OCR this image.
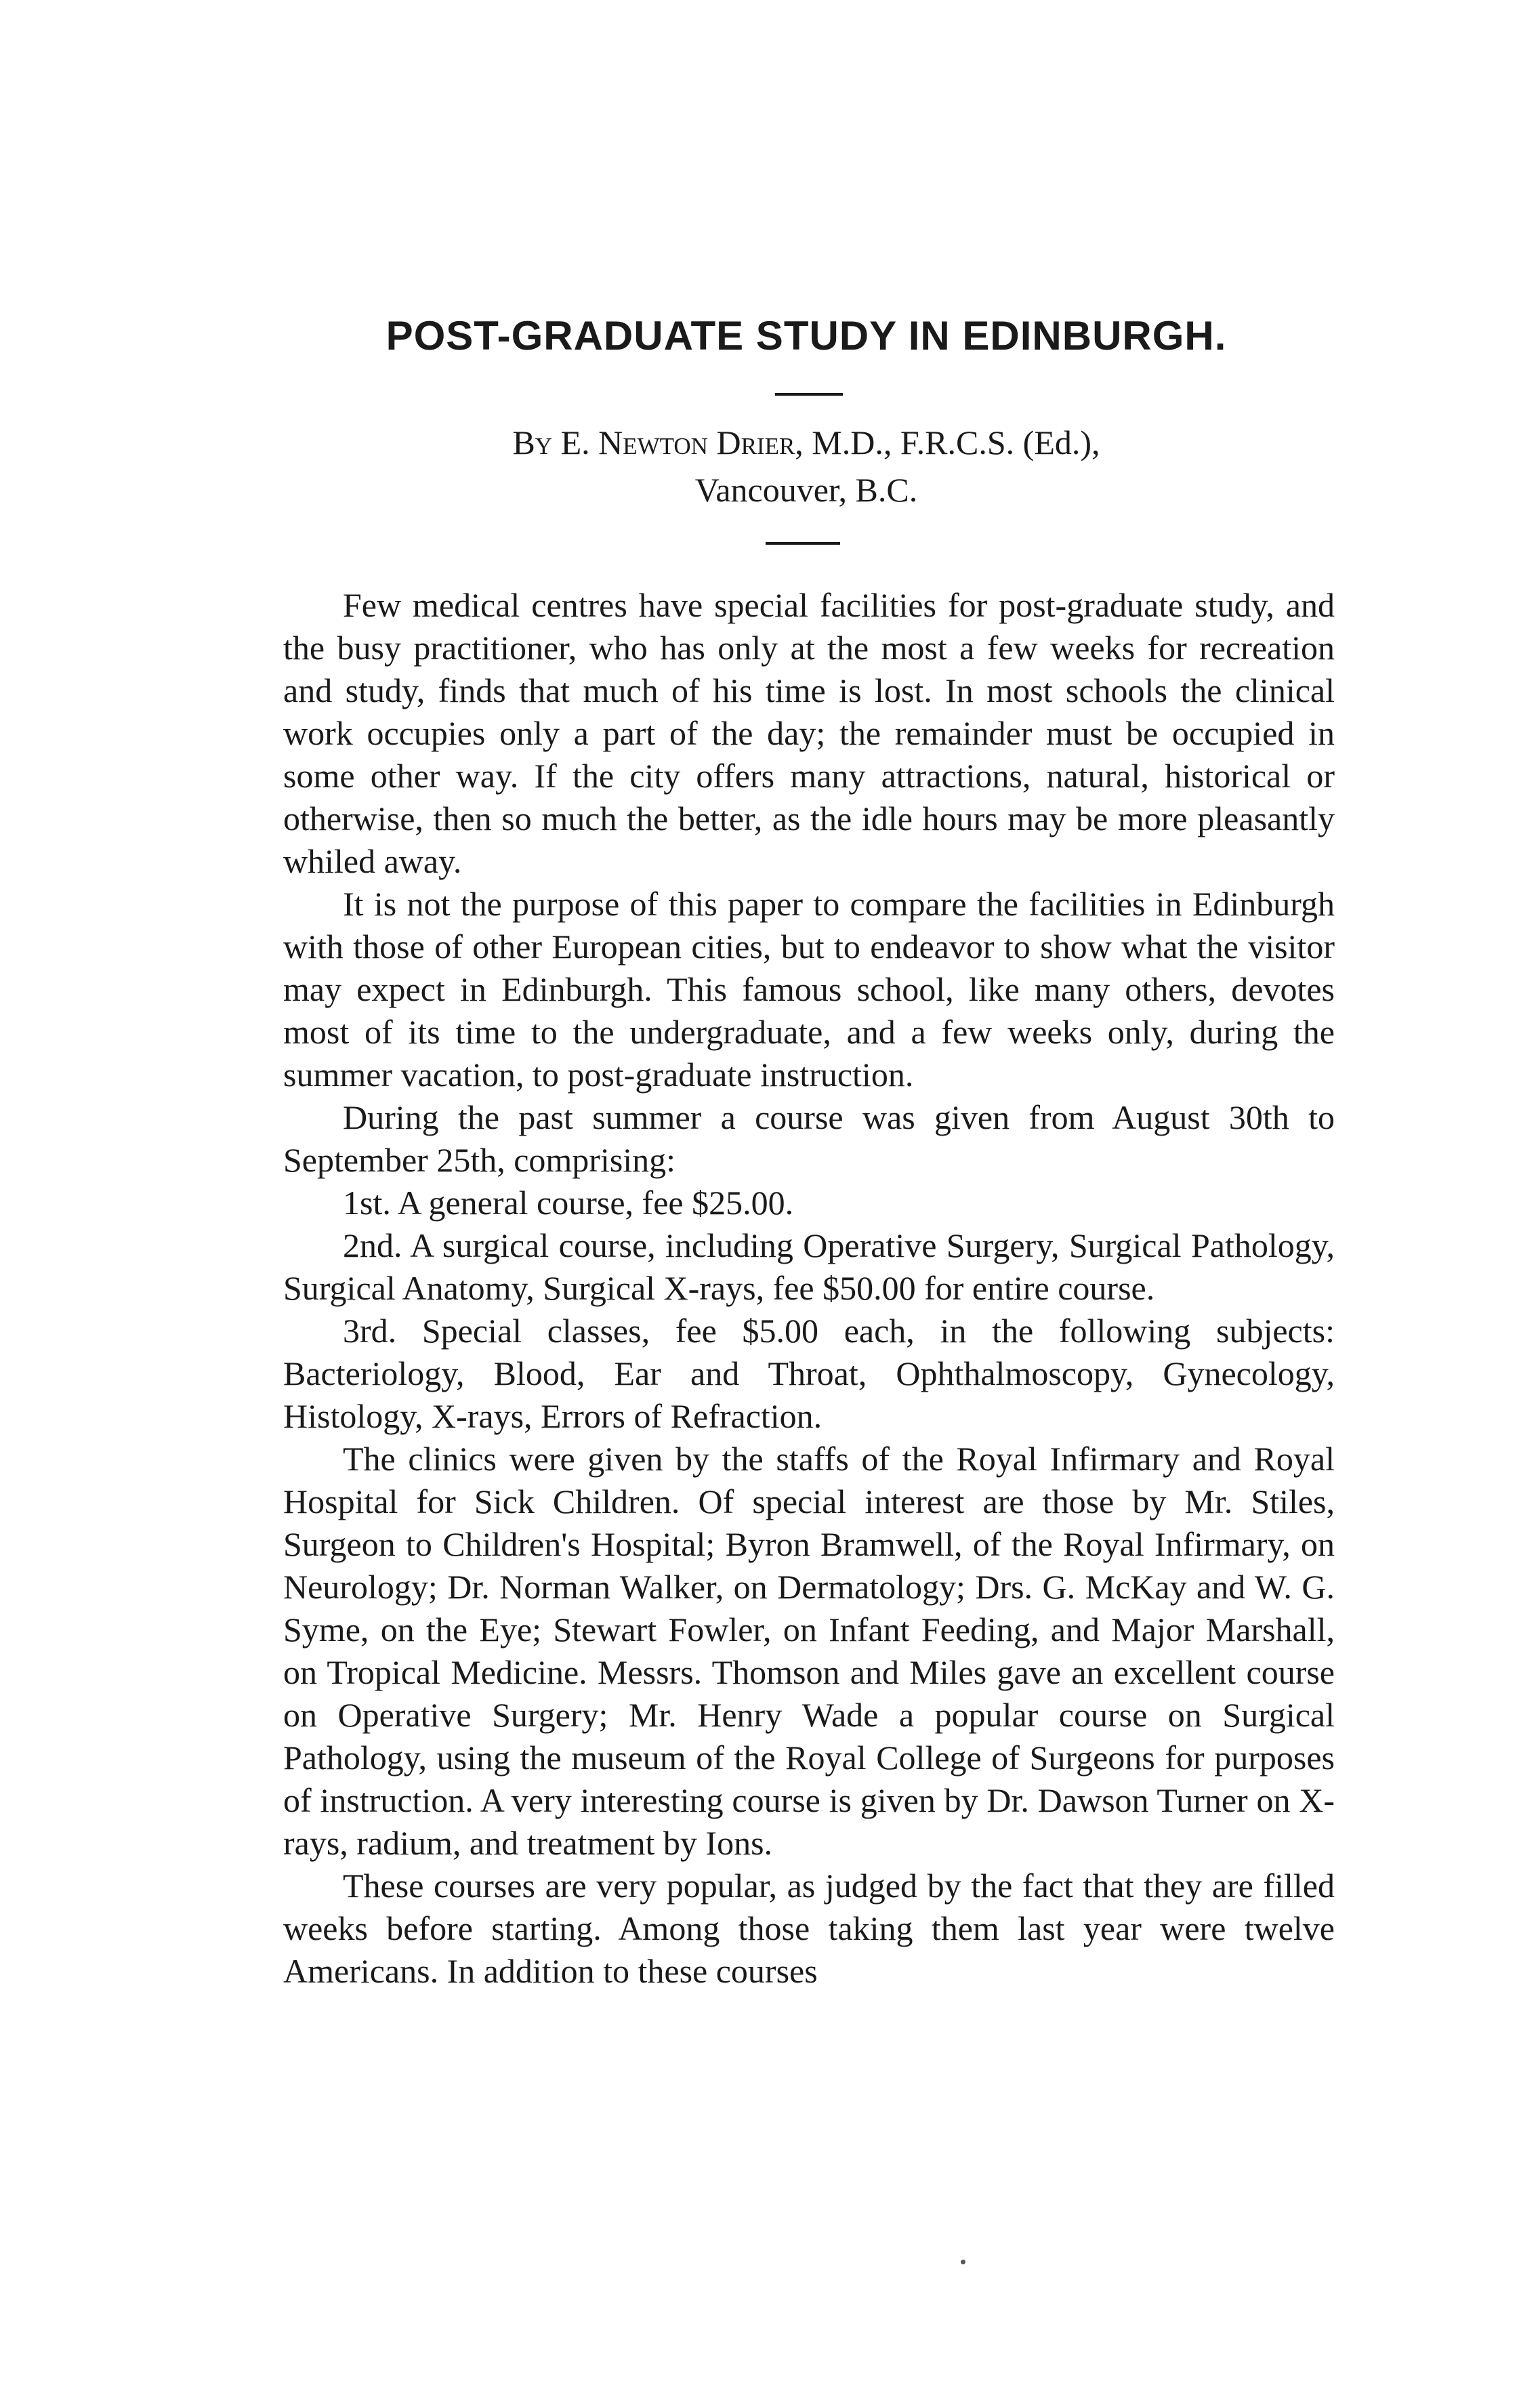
POST-GRADUATE STUDY IN EDINBURGH.
By E. Newton Drier, M.D., F.R.C.S. (Ed.),
Vancouver, B.C.

Few medical centres have special facilities for post-graduate study, and the busy practitioner, who has only at the most a few weeks for recreation and study, finds that much of his time is lost. In most schools the clinical work occupies only a part of the day; the remainder must be occupied in some other way. If the city offers many attractions, natural, historical or otherwise, then so much the better, as the idle hours may be more pleasantly whiled away.

It is not the purpose of this paper to compare the facilities in Edinburgh with those of other European cities, but to endeavor to show what the visitor may expect in Edinburgh. This famous school, like many others, devotes most of its time to the undergraduate, and a few weeks only, during the summer vacation, to post-graduate instruction.

During the past summer a course was given from August 30th to September 25th, comprising:

1st. A general course, fee $25.00.

2nd. A surgical course, including Operative Surgery, Surgical Pathology, Surgical Anatomy, Surgical X-rays, fee $50.00 for entire course.

3rd. Special classes, fee $5.00 each, in the following subjects: Bacteriology, Blood, Ear and Throat, Ophthalmoscopy, Gynecology, Histology, X-rays, Errors of Refraction.

The clinics were given by the staffs of the Royal Infirmary and Royal Hospital for Sick Children. Of special interest are those by Mr. Stiles, Surgeon to Children's Hospital; Byron Bramwell, of the Royal Infirmary, on Neurology; Dr. Norman Walker, on Dermatology; Drs. G. McKay and W. G. Syme, on the Eye; Stewart Fowler, on Infant Feeding, and Major Marshall, on Tropical Medicine. Messrs. Thomson and Miles gave an excellent course on Operative Surgery; Mr. Henry Wade a popular course on Surgical Pathology, using the museum of the Royal College of Surgeons for purposes of instruction. A very interesting course is given by Dr. Dawson Turner on X-rays, radium, and treatment by Ions.

These courses are very popular, as judged by the fact that they are filled weeks before starting. Among those taking them last year were twelve Americans. In addition to these courses
